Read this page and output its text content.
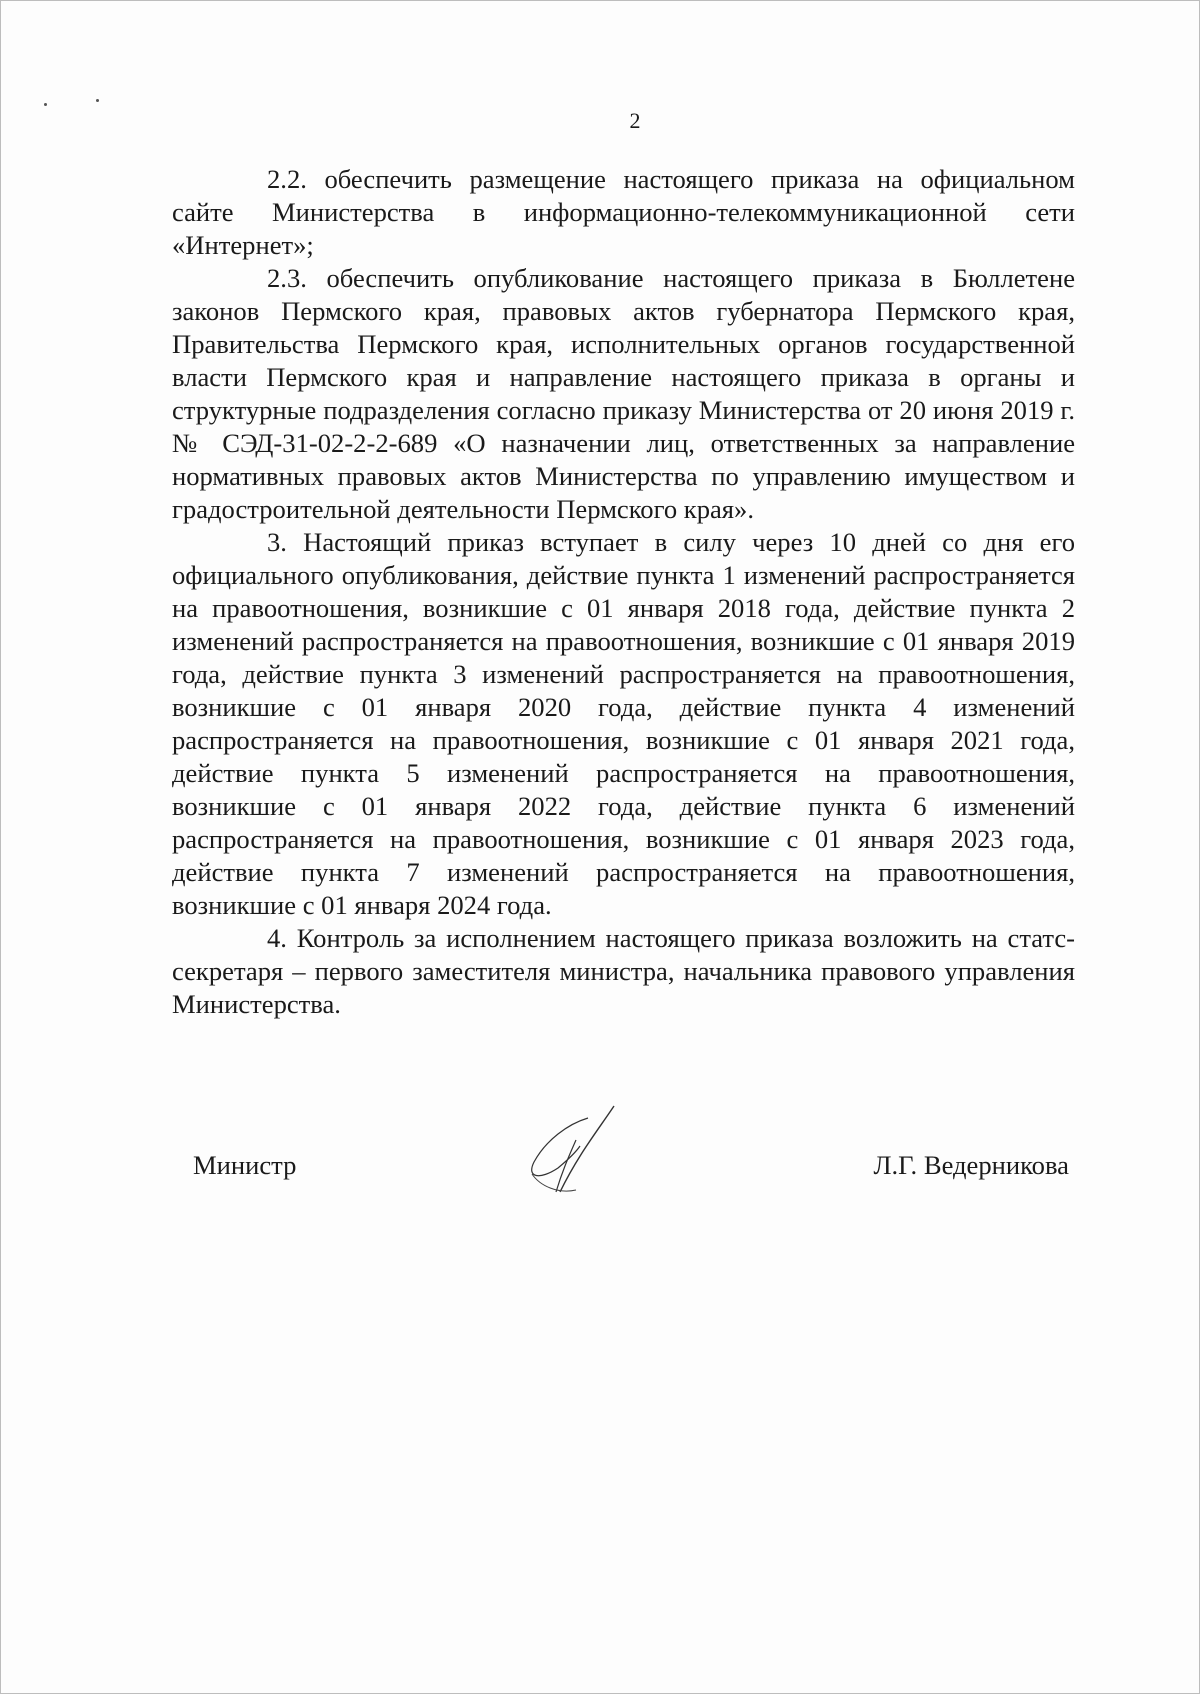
2

2.2. обеспечить размещение настоящего приказа на официальном сайте Министерства в информационно-телекоммуникационной сети «Интернет»;

2.3. обеспечить опубликование настоящего приказа в Бюллетене законов Пермского края, правовых актов губернатора Пермского края, Правительства Пермского края, исполнительных органов государственной власти Пермского края и направление настоящего приказа в органы и структурные подразделения согласно приказу Министерства от 20 июня 2019 г. № СЭД-31-02-2-2-689 «О назначении лиц, ответственных за направление нормативных правовых актов Министерства по управлению имуществом и градостроительной деятельности Пермского края».

3. Настоящий приказ вступает в силу через 10 дней со дня его официального опубликования, действие пункта 1 изменений распространяется на правоотношения, возникшие с 01 января 2018 года, действие пункта 2 изменений распространяется на правоотношения, возникшие с 01 января 2019 года, действие пункта 3 изменений распространяется на правоотношения, возникшие с 01 января 2020 года, действие пункта 4 изменений распространяется на правоотношения, возникшие с 01 января 2021 года, действие пункта 5 изменений распространяется на правоотношения, возникшие с 01 января 2022 года, действие пункта 6 изменений распространяется на правоотношения, возникшие с 01 января 2023 года, действие пункта 7 изменений распространяется на правоотношения, возникшие с 01 января 2024 года.

4. Контроль за исполнением настоящего приказа возложить на статс-секретаря – первого заместителя министра, начальника правового управления Министерства.

Министр	Л.Г. Ведерникова
